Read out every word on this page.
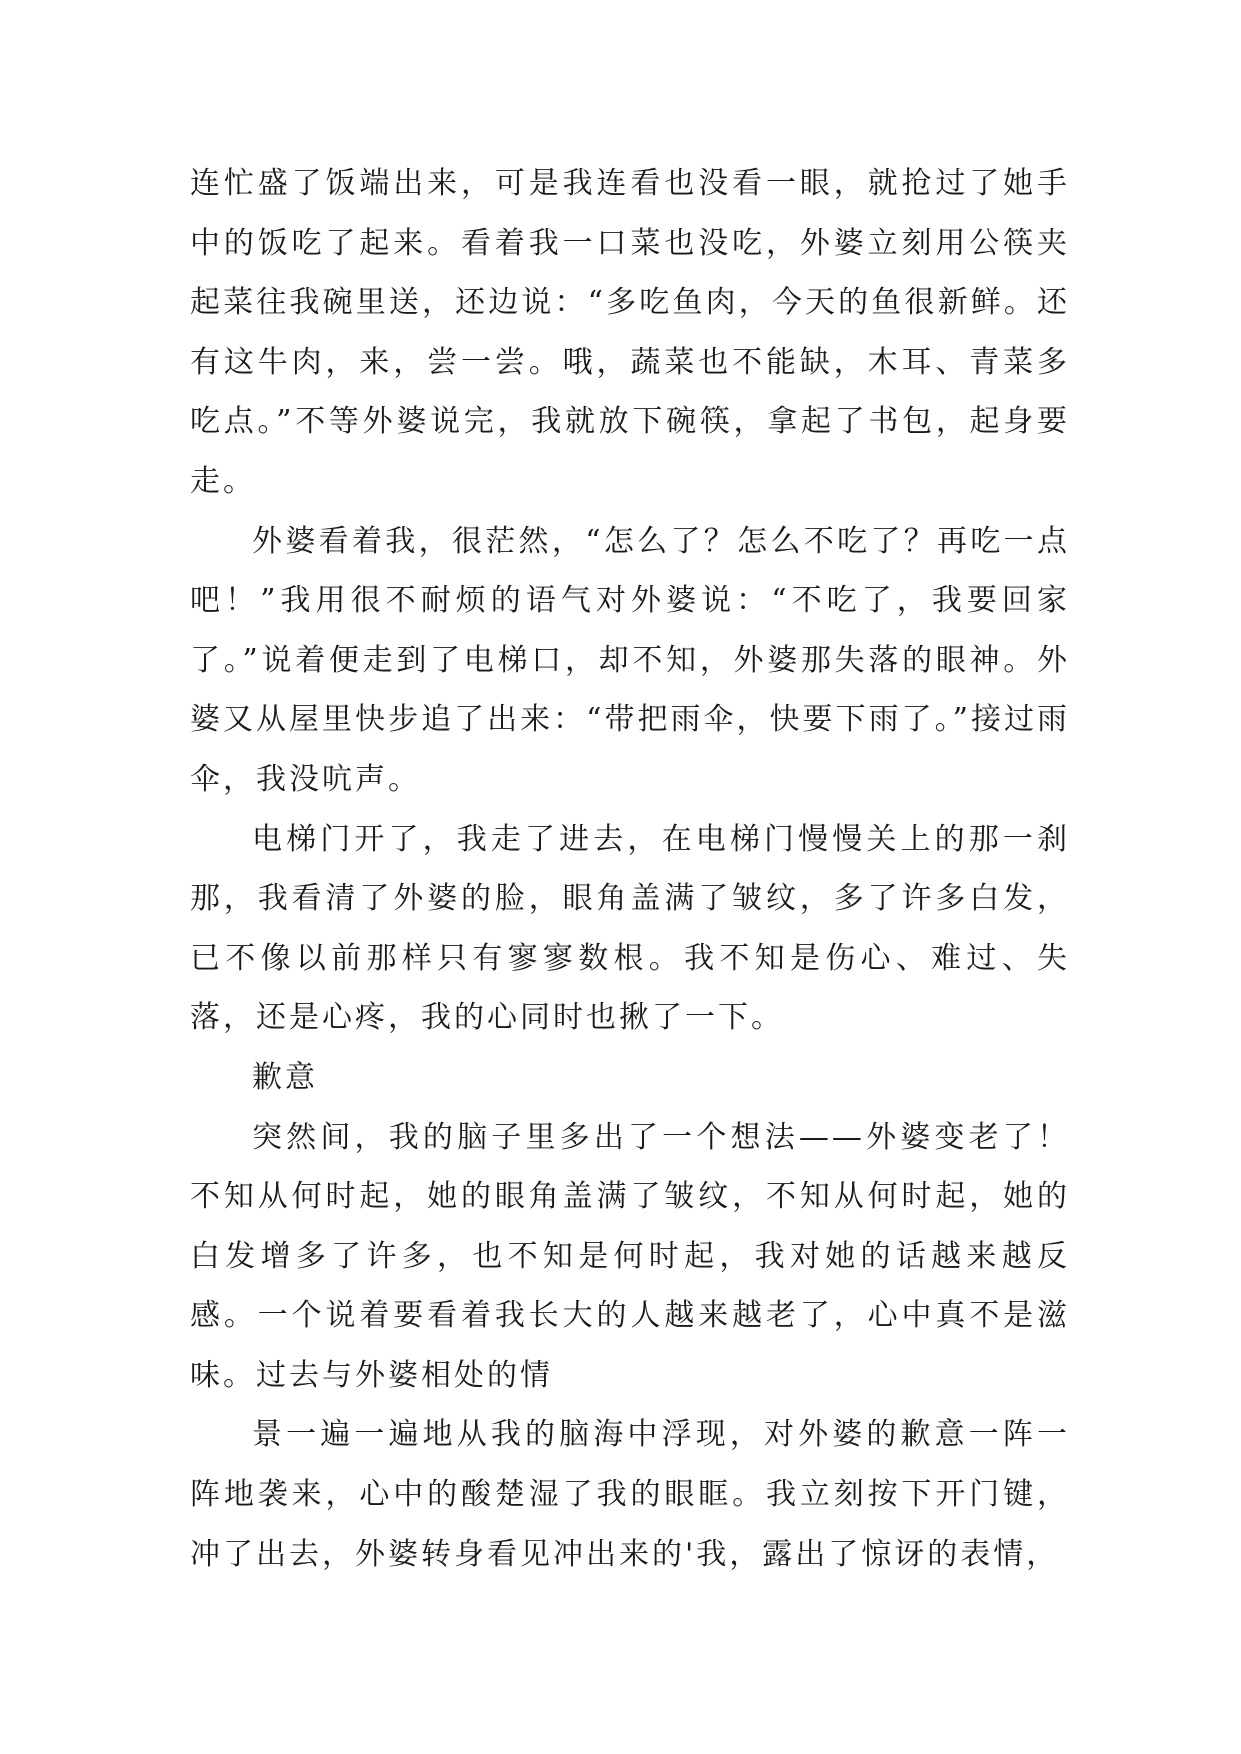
连忙盛了饭端出来，可是我连看也没看一眼，就抢过了她手中的饭吃了起来。看着我一口菜也没吃，外婆立刻用公筷夹起菜往我碗里送，还边说：“多吃鱼肉，今天的鱼很新鲜。还有这牛肉，来，尝一尝。哦，蔬菜也不能缺，木耳、青菜多吃点。”不等外婆说完，我就放下碗筷，拿起了书包，起身要走。

外婆看着我，很茫然，“怎么了？怎么不吃了？再吃一点吧！”我用很不耐烦的语气对外婆说：“不吃了，我要回家了。”说着便走到了电梯口，却不知，外婆那失落的眼神。外婆又从屋里快步追了出来：“带把雨伞，快要下雨了。”接过雨伞，我没吭声。

电梯门开了，我走了进去，在电梯门慢慢关上的那一刹那，我看清了外婆的脸，眼角盖满了皱纹，多了许多白发，已不像以前那样只有寥寥数根。我不知是伤心、难过、失落，还是心疼，我的心同时也揪了一下。

歉意

突然间，我的脑子里多出了一个想法——外婆变老了！不知从何时起，她的眼角盖满了皱纹，不知从何时起，她的白发增多了许多，也不知是何时起，我对她的话越来越反感。一个说着要看着我长大的人越来越老了，心中真不是滋味。过去与外婆相处的情

景一遍一遍地从我的脑海中浮现，对外婆的歉意一阵一阵地袭来，心中的酸楚湿了我的眼眶。我立刻按下开门键，冲了出去，外婆转身看见冲出来的'我，露出了惊讶的表情，
